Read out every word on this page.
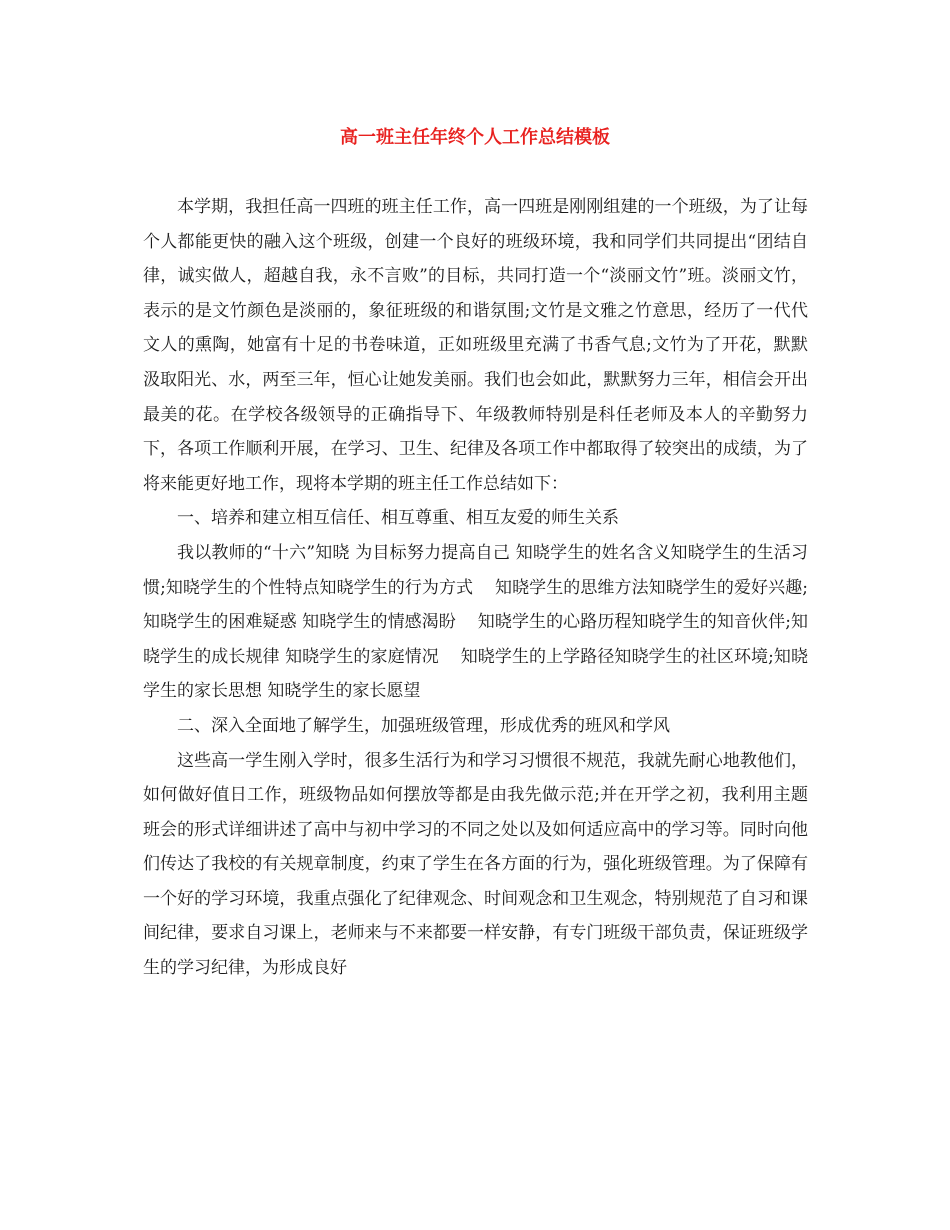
高一班主任年终个人工作总结模板

本学期，我担任高一四班的班主任工作，高一四班是刚刚组建的一个班级，为了让每个人都能更快的融入这个班级，创建一个良好的班级环境，我和同学们共同提出“团结自律，诚实做人，超越自我，永不言败”的目标，共同打造一个“淡丽文竹”班。淡丽文竹，表示的是文竹颜色是淡丽的，象征班级的和谐氛围;文竹是文雅之竹意思，经历了一代代文人的熏陶，她富有十足的书卷味道，正如班级里充满了书香气息;文竹为了开花，默默汲取阳光、水，两至三年，恒心让她发美丽。我们也会如此，默默努力三年，相信会开出最美的花。在学校各级领导的正确指导下、年级教师特别是科任老师及本人的辛勤努力下，各项工作顺利开展，在学习、卫生、纪律及各项工作中都取得了较突出的成绩，为了将来能更好地工作，现将本学期的班主任工作总结如下：

一、培养和建立相互信任、相互尊重、相互友爱的师生关系

我以教师的“十六”知晓 为目标努力提高自己 知晓学生的姓名含义知晓学生的生活习惯;知晓学生的个性特点知晓学生的行为方式    知晓学生的思维方法知晓学生的爱好兴趣;知晓学生的困难疑惑 知晓学生的情感渴盼    知晓学生的心路历程知晓学生的知音伙伴;知晓学生的成长规律 知晓学生的家庭情况    知晓学生的上学路径知晓学生的社区环境;知晓学生的家长思想 知晓学生的家长愿望

二、深入全面地了解学生，加强班级管理，形成优秀的班风和学风

这些高一学生刚入学时，很多生活行为和学习习惯很不规范，我就先耐心地教他们，如何做好值日工作，班级物品如何摆放等都是由我先做示范;并在开学之初，我利用主题班会的形式详细讲述了高中与初中学习的不同之处以及如何适应高中的学习等。同时向他们传达了我校的有关规章制度，约束了学生在各方面的行为，强化班级管理。为了保障有一个好的学习环境，我重点强化了纪律观念、时间观念和卫生观念，特别规范了自习和课间纪律，要求自习课上，老师来与不来都要一样安静，有专门班级干部负责，保证班级学生的学习纪律，为形成良好
